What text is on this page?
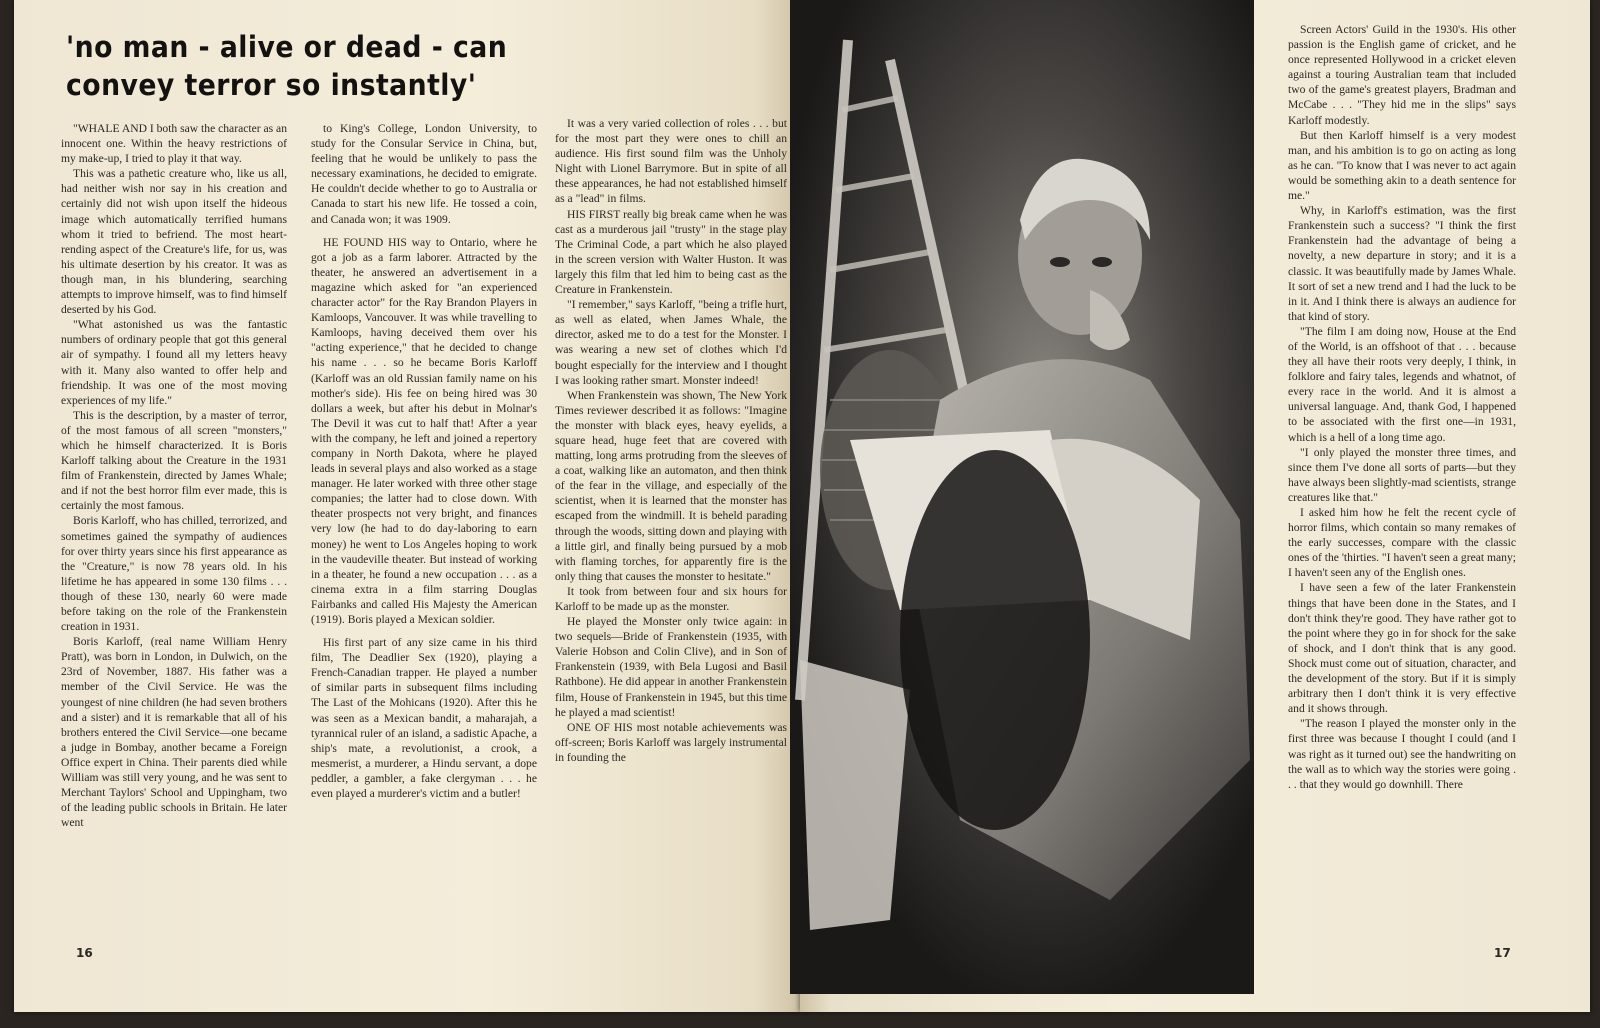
'no man - alive or dead - can convey terror so instantly'

"WHALE AND I both saw the character as an innocent one. Within the heavy restrictions of my make-up, I tried to play it that way.

This was a pathetic creature who, like us all, had neither wish nor say in his creation and certainly did not wish upon itself the hideous image which automatically terrified humans whom it tried to befriend. The most heart-rending aspect of the Creature's life, for us, was his ultimate desertion by his creator. It was as though man, in his blundering, searching attempts to improve himself, was to find himself deserted by his God.

"What astonished us was the fantastic numbers of ordinary people that got this general air of sympathy. I found all my letters heavy with it. Many also wanted to offer help and friendship. It was one of the most moving experiences of my life."

This is the description, by a master of terror, of the most famous of all screen "monsters," which he himself characterized. It is Boris Karloff talking about the Creature in the 1931 film of Frankenstein, directed by James Whale; and if not the best horror film ever made, this is certainly the most famous.

Boris Karloff, who has chilled, terrorized, and sometimes gained the sympathy of audiences for over thirty years since his first appearance as the "Creature," is now 78 years old. In his lifetime he has appeared in some 130 films . . . though of these 130, nearly 60 were made before taking on the role of the Frankenstein creation in 1931.

Boris Karloff, (real name William Henry Pratt), was born in London, in Dulwich, on the 23rd of November, 1887. His father was a member of the Civil Service. He was the youngest of nine children (he had seven brothers and a sister) and it is remarkable that all of his brothers entered the Civil Service—one became a judge in Bombay, another became a Foreign Office expert in China. Their parents died while William was still very young, and he was sent to Merchant Taylors' School and Uppingham, two of the leading public schools in Britain. He later went

to King's College, London University, to study for the Consular Service in China, but, feeling that he would be unlikely to pass the necessary examinations, he decided to emigrate. He couldn't decide whether to go to Australia or Canada to start his new life. He tossed a coin, and Canada won; it was 1909.

HE FOUND HIS way to Ontario, where he got a job as a farm laborer. Attracted by the theater, he answered an advertisement in a magazine which asked for "an experienced character actor" for the Ray Brandon Players in Kamloops, Vancouver. It was while travelling to Kamloops, having deceived them over his "acting experience," that he decided to change his name . . . so he became Boris Karloff (Karloff was an old Russian family name on his mother's side). His fee on being hired was 30 dollars a week, but after his debut in Molnar's The Devil it was cut to half that! After a year with the company, he left and joined a repertory company in North Dakota, where he played leads in several plays and also worked as a stage manager. He later worked with three other stage companies; the latter had to close down. With theater prospects not very bright, and finances very low (he had to do day-laboring to earn money) he went to Los Angeles hoping to work in the vaudeville theater. But instead of working in a theater, he found a new occupation . . . as a cinema extra in a film starring Douglas Fairbanks and called His Majesty the American (1919). Boris played a Mexican soldier.

His first part of any size came in his third film, The Deadlier Sex (1920), playing a French-Canadian trapper. He played a number of similar parts in subsequent films including The Last of the Mohicans (1920). After this he was seen as a Mexican bandit, a maharajah, a tyrannical ruler of an island, a sadistic Apache, a ship's mate, a revolutionist, a crook, a mesmerist, a murderer, a Hindu servant, a dope peddler, a gambler, a fake clergyman . . . he even played a murderer's victim and a butler!

It was a very varied collection of roles . . . but for the most part they were ones to chill an audience. His first sound film was the Unholy Night with Lionel Barrymore. But in spite of all these appearances, he had not established himself as a "lead" in films.

HIS FIRST really big break came when he was cast as a murderous jail "trusty" in the stage play The Criminal Code, a part which he also played in the screen version with Walter Huston. It was largely this film that led him to being cast as the Creature in Frankenstein.

"I remember," says Karloff, "being a trifle hurt, as well as elated, when James Whale, the director, asked me to do a test for the Monster. I was wearing a new set of clothes which I'd bought especially for the interview and I thought I was looking rather smart. Monster indeed!

When Frankenstein was shown, The New York Times reviewer described it as follows: "Imagine the monster with black eyes, heavy eyelids, a square head, huge feet that are covered with matting, long arms protruding from the sleeves of a coat, walking like an automaton, and then think of the fear in the village, and especially of the scientist, when it is learned that the monster has escaped from the windmill. It is beheld parading through the woods, sitting down and playing with a little girl, and finally being pursued by a mob with flaming torches, for apparently fire is the only thing that causes the monster to hesitate."

It took from between four and six hours for Karloff to be made up as the monster.

He played the Monster only twice again: in two sequels—Bride of Frankenstein (1935, with Valerie Hobson and Colin Clive), and in Son of Frankenstein (1939, with Bela Lugosi and Basil Rathbone). He did appear in another Frankenstein film, House of Frankenstein in 1945, but this time he played a mad scientist!

ONE OF HIS most notable achievements was off-screen; Boris Karloff was largely instrumental in founding the

Screen Actors' Guild in the 1930's. His other passion is the English game of cricket, and he once represented Hollywood in a cricket eleven against a touring Australian team that included two of the game's greatest players, Bradman and McCabe . . . "They hid me in the slips" says Karloff modestly.

But then Karloff himself is a very modest man, and his ambition is to go on acting as long as he can. "To know that I was never to act again would be something akin to a death sentence for me."

Why, in Karloff's estimation, was the first Frankenstein such a success? "I think the first Frankenstein had the advantage of being a novelty, a new departure in story; and it is a classic. It was beautifully made by James Whale. It sort of set a new trend and I had the luck to be in it. And I think there is always an audience for that kind of story.

"The film I am doing now, House at the End of the World, is an offshoot of that . . . because they all have their roots very deeply, I think, in folklore and fairy tales, legends and whatnot, of every race in the world. And it is almost a universal language. And, thank God, I happened to be associated with the first one—in 1931, which is a hell of a long time ago.

"I only played the monster three times, and since them I've done all sorts of parts—but they have always been slightly-mad scientists, strange creatures like that."

I asked him how he felt the recent cycle of horror films, which contain so many remakes of the early successes, compare with the classic ones of the 'thirties. "I haven't seen a great many; I haven't seen any of the English ones.

I have seen a few of the later Frankenstein things that have been done in the States, and I don't think they're good. They have rather got to the point where they go in for shock for the sake of shock, and I don't think that is any good. Shock must come out of situation, character, and the development of the story. But if it is simply arbitrary then I don't think it is very effective and it shows through.

"The reason I played the monster only in the first three was because I thought I could (and I was right as it turned out) see the handwriting on the wall as to which way the stories were going . . . that they would go downhill. There

16	17
